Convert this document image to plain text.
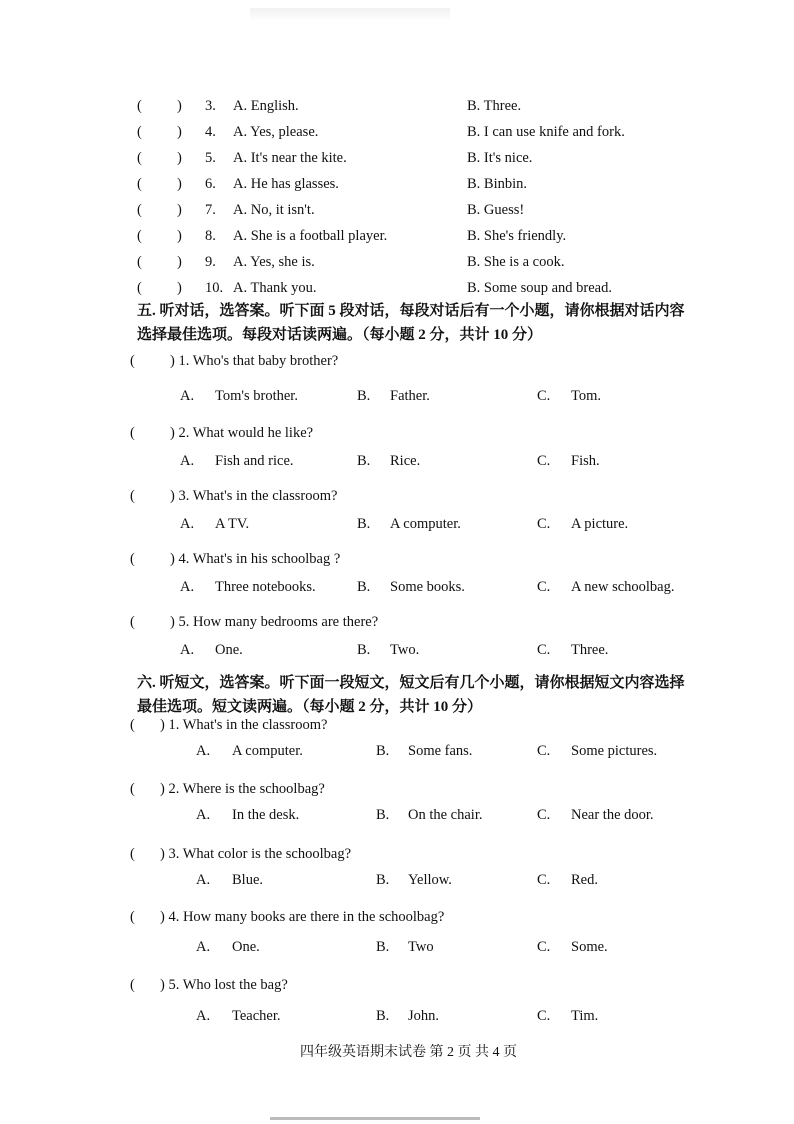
( ) 3. A. English.	B. Three.
( ) 4. A. Yes, please.	B. I can use knife and fork.
( ) 5. A. It's near the kite.	B. It's nice.
( ) 6. A. He has glasses.	B. Binbin.
( ) 7. A. No, it isn't.	B. Guess!
( ) 8. A. She is a football player.	B. She's friendly.
( ) 9. A. Yes, she is.	B. She is a cook.
( ) 10. A. Thank you.	B. Some soup and bread.
五. 听对话，选答案。听下面 5 段对话，每段对话后有一个小题，请你根据对话内容
选择最佳选项。每段对话读两遍。（每小题 2 分，共计 10 分）
( ) 1. Who's that baby brother?
A. Tom's brother.	B. Father.	C. Tom.
( ) 2. What would he like?
A. Fish and rice.	B. Rice.	C. Fish.
( ) 3. What's in the classroom?
A. A TV.	B. A computer.	C. A picture.
( ) 4. What's in his schoolbag ?
A. Three notebooks.	B. Some books.	C. A new schoolbag.
( ) 5. How many bedrooms are there?
A. One.	B. Two.	C. Three.
六. 听短文，选答案。听下面一段短文，短文后有几个小题，请你根据短文内容选择
最佳选项。短文读两遍。（每小题 2 分，共计 10 分）
( ) 1. What's in the classroom?
A. A computer.	B. Some fans.	C. Some pictures.
( ) 2. Where is the schoolbag?
A. In the desk.	B. On the chair.	C. Near the door.
( ) 3. What color is the schoolbag?
A. Blue.	B. Yellow.	C. Red.
( ) 4. How many books are there in the schoolbag?
A. One.	B. Two	C. Some.
( ) 5. Who lost the bag?
A. Teacher.	B. John.	C. Tim.
四年级英语期末试卷 第 2 页 共 4 页
